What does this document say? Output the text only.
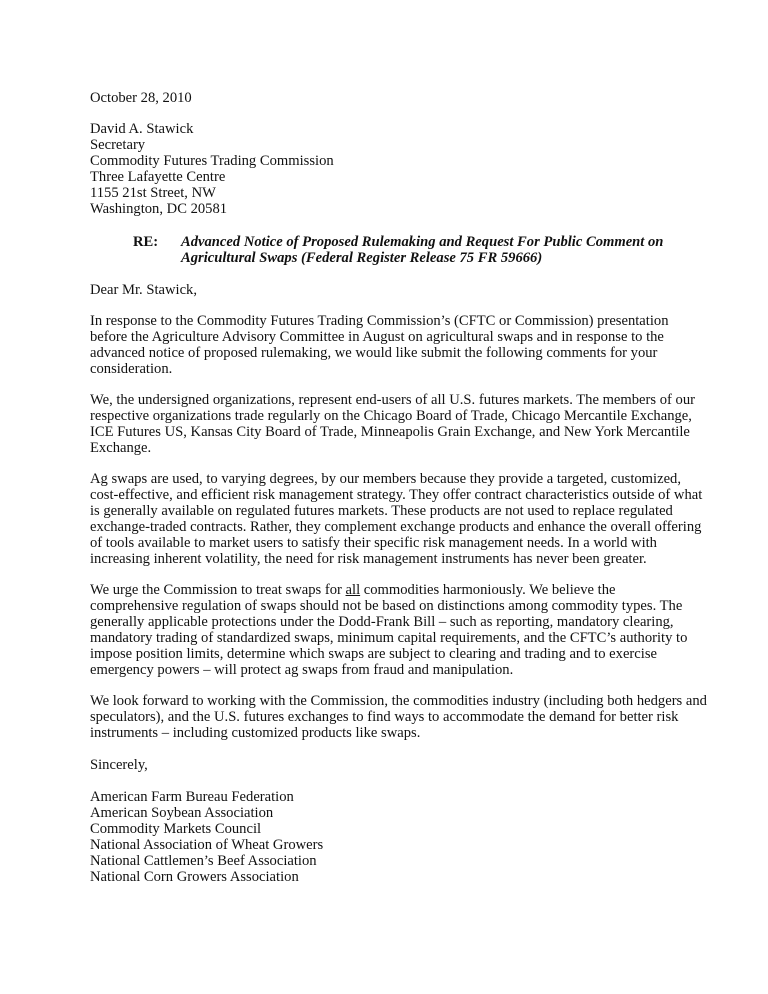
October 28, 2010
David A. Stawick
Secretary
Commodity Futures Trading Commission
Three Lafayette Centre
1155 21st Street, NW
Washington, DC 20581
RE: Advanced Notice of Proposed Rulemaking and Request For Public Comment on
Agricultural Swaps (Federal Register Release 75 FR 59666)
Dear Mr. Stawick,
In response to the Commodity Futures Trading Commission’s (CFTC or Commission) presentation
before the Agriculture Advisory Committee in August on agricultural swaps and in response to the
advanced notice of proposed rulemaking, we would like submit the following comments for your
consideration.
We, the undersigned organizations, represent end-users of all U.S. futures markets. The members of our
respective organizations trade regularly on the Chicago Board of Trade, Chicago Mercantile Exchange,
ICE Futures US, Kansas City Board of Trade, Minneapolis Grain Exchange, and New York Mercantile
Exchange.
Ag swaps are used, to varying degrees, by our members because they provide a targeted, customized,
cost-effective, and efficient risk management strategy. They offer contract characteristics outside of what
is generally available on regulated futures markets. These products are not used to replace regulated
exchange-traded contracts. Rather, they complement exchange products and enhance the overall offering
of tools available to market users to satisfy their specific risk management needs. In a world with
increasing inherent volatility, the need for risk management instruments has never been greater.
We urge the Commission to treat swaps for all commodities harmoniously. We believe the
comprehensive regulation of swaps should not be based on distinctions among commodity types. The
generally applicable protections under the Dodd-Frank Bill – such as reporting, mandatory clearing,
mandatory trading of standardized swaps, minimum capital requirements, and the CFTC’s authority to
impose position limits, determine which swaps are subject to clearing and trading and to exercise
emergency powers – will protect ag swaps from fraud and manipulation.
We look forward to working with the Commission, the commodities industry (including both hedgers and
speculators), and the U.S. futures exchanges to find ways to accommodate the demand for better risk
instruments – including customized products like swaps.
Sincerely,
American Farm Bureau Federation
American Soybean Association
Commodity Markets Council
National Association of Wheat Growers
National Cattlemen’s Beef Association
National Corn Growers Association
